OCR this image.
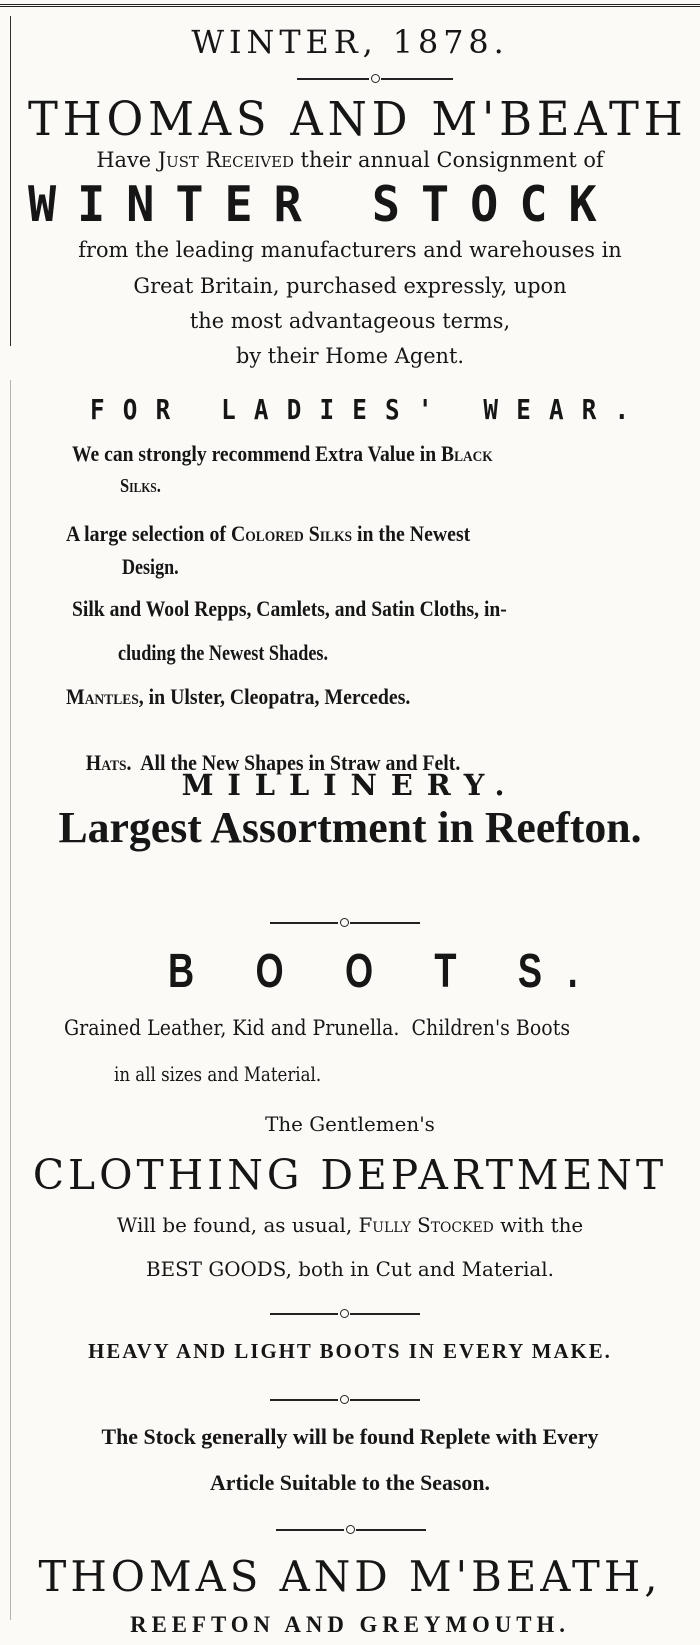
WINTER, 1878.
THOMAS AND M'BEATH
Have Just Received their annual Consignment of
WINTER STOCK
from the leading manufacturers and warehouses in
Great Britain, purchased expressly, upon
the most advantageous terms,
by their Home Agent.
FOR LADIES' WEAR.
We can strongly recommend Extra Value in Black
Silks.
A large selection of Colored Silks in the Newest
Design.
Silk and Wool Repps, Camlets, and Satin Cloths, in-
cluding the Newest Shades.
Mantles, in Ulster, Cleopatra, Mercedes.

Hats.  All the New Shapes in Straw and Felt.

MILLINERY.
Largest Assortment in Reefton.
B O O T S.
Grained Leather, Kid and Prunella.  Children's Boots
in all sizes and Material.
The Gentlemen's
CLOTHING DEPARTMENT
Will be found, as usual, Fully Stocked with the
BEST GOODS, both in Cut and Material.
HEAVY AND LIGHT BOOTS IN EVERY MAKE.
The Stock generally will be found Replete with Every
Article Suitable to the Season.
THOMAS AND M'BEATH,
REEFTON AND GREYMOUTH.
